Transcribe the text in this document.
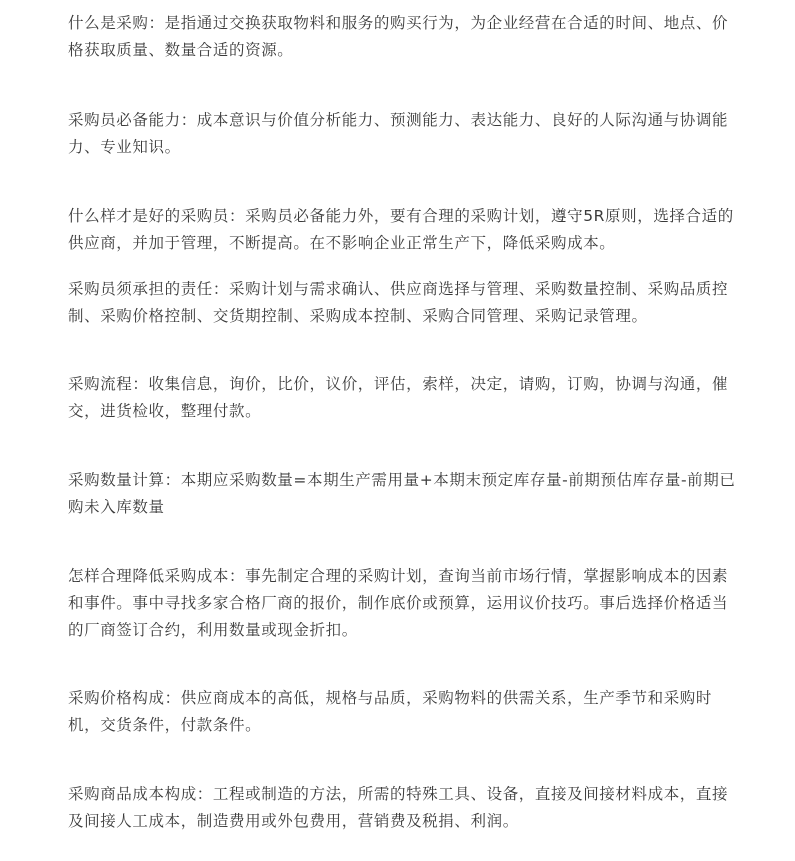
什么是采购：是指通过交换获取物料和服务的购买行为，为企业经营在合适的时间、地点、价格获取质量、数量合适的资源。

采购员必备能力：成本意识与价值分析能力、预测能力、表达能力、良好的人际沟通与协调能力、专业知识。

什么样才是好的采购员：采购员必备能力外，要有合理的采购计划，遵守5R原则，选择合适的供应商，并加于管理，不断提高。在不影响企业正常生产下，降低采购成本。

采购员须承担的责任：采购计划与需求确认、供应商选择与管理、采购数量控制、采购品质控制、采购价格控制、交货期控制、采购成本控制、采购合同管理、采购记录管理。

采购流程：收集信息，询价，比价，议价，评估，索样，决定，请购，订购，协调与沟通，催交，进货检收，整理付款。

采购数量计算：本期应采购数量=本期生产需用量+本期末预定库存量-前期预估库存量-前期已购未入库数量

怎样合理降低采购成本：事先制定合理的采购计划，查询当前市场行情，掌握影响成本的因素和事件。事中寻找多家合格厂商的报价，制作底价或预算，运用议价技巧。事后选择价格适当的厂商签订合约，利用数量或现金折扣。

采购价格构成：供应商成本的高低，规格与品质，采购物料的供需关系，生产季节和采购时机，交货条件，付款条件。

采购商品成本构成：工程或制造的方法，所需的特殊工具、设备，直接及间接材料成本，直接及间接人工成本，制造费用或外包费用，营销费及税捐、利润。
